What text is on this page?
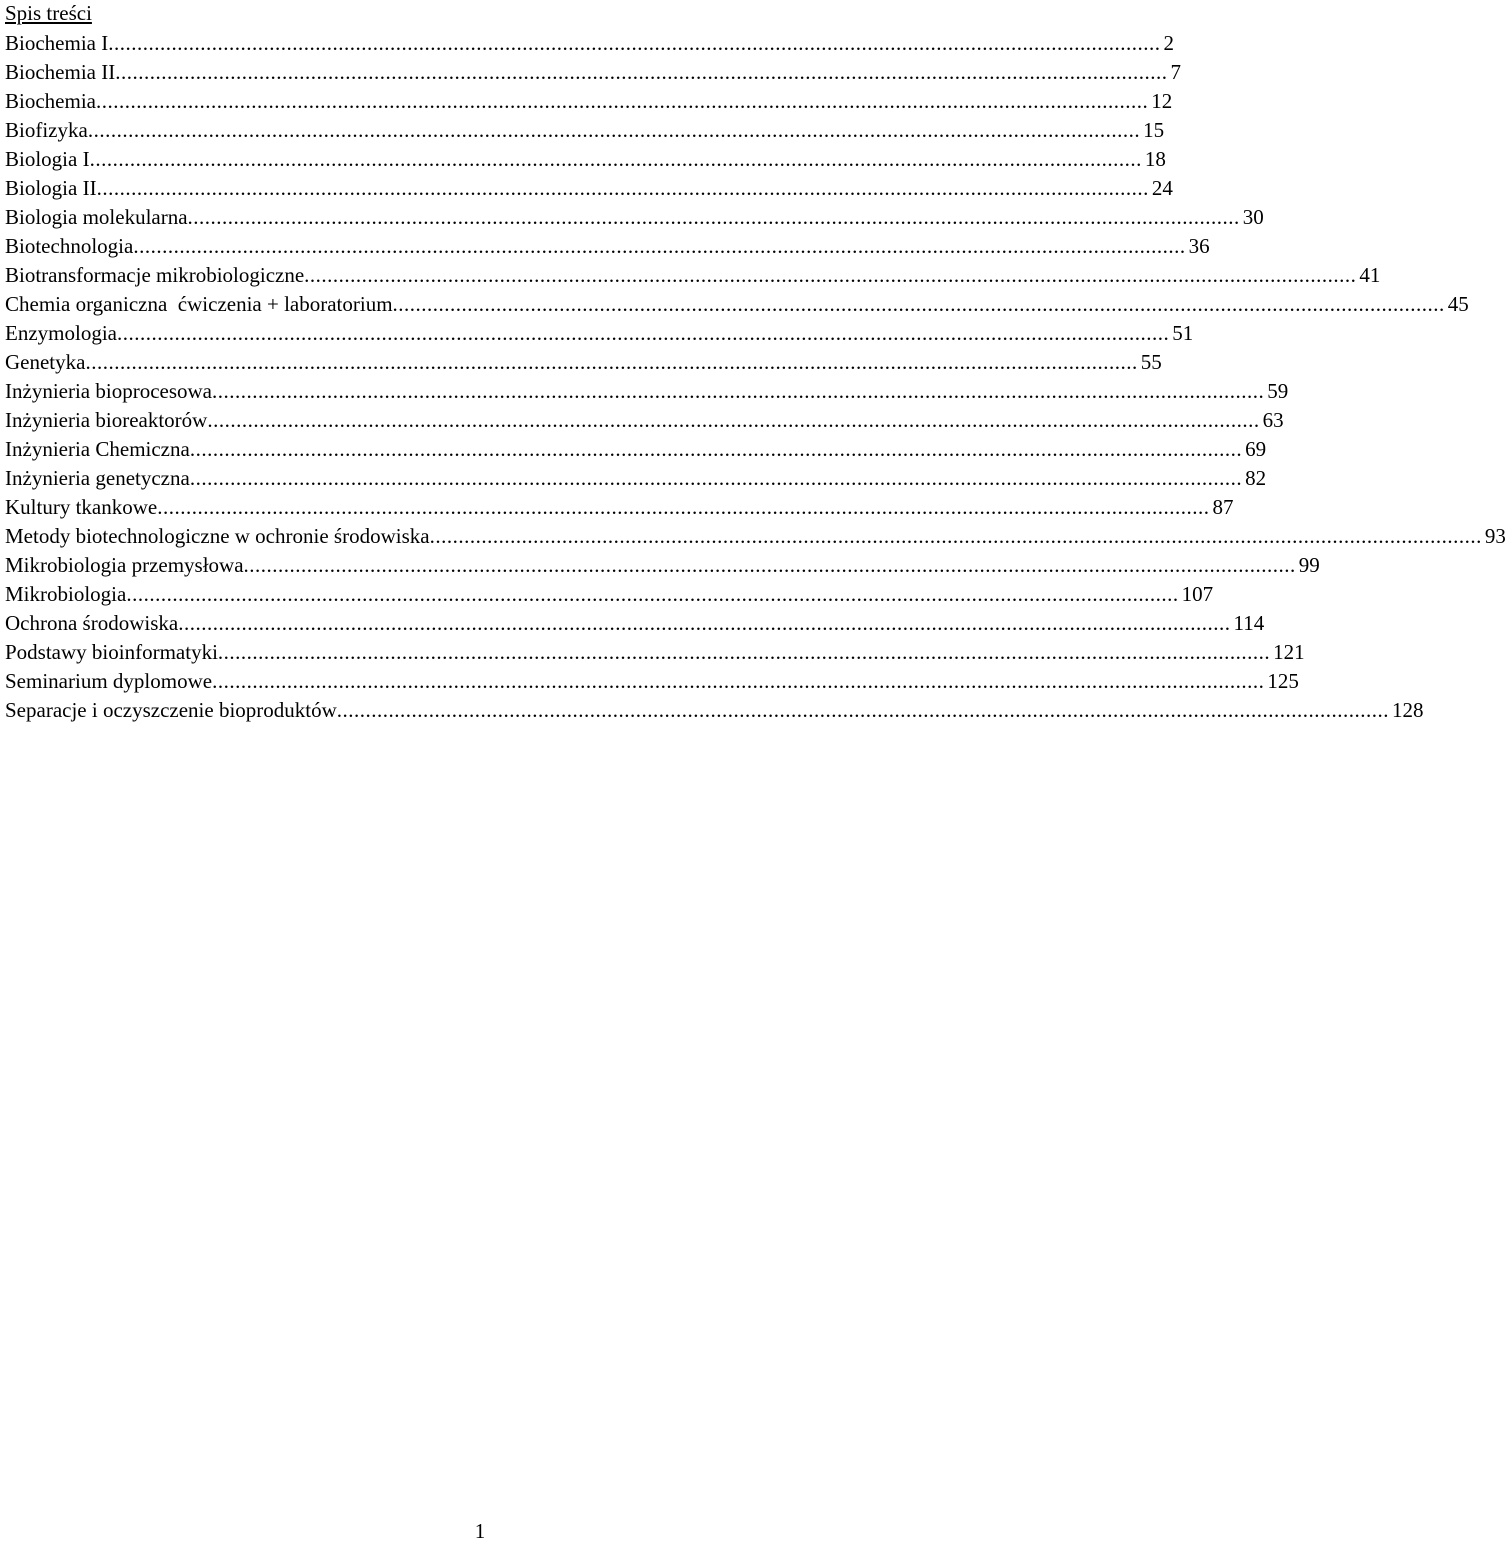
Spis treści
Biochemia I ....................................................................................................................................................................................... 2
Biochemia II ....................................................................................................................................................................................... 7
Biochemia ....................................................................................................................................................................................... 12
Biofizyka ....................................................................................................................................................................................... 15
Biologia I ....................................................................................................................................................................................... 18
Biologia II ....................................................................................................................................................................................... 24
Biologia molekularna ....................................................................................................................................................................................... 30
Biotechnologia ....................................................................................................................................................................................... 36
Biotransformacje mikrobiologiczne ....................................................................................................................................................................................... 41
Chemia organiczna  ćwiczenia + laboratorium ....................................................................................................................................................................................... 45
Enzymologia ....................................................................................................................................................................................... 51
Genetyka ....................................................................................................................................................................................... 55
Inżynieria bioprocesowa ....................................................................................................................................................................................... 59
Inżynieria bioreaktorów ....................................................................................................................................................................................... 63
Inżynieria Chemiczna ....................................................................................................................................................................................... 69
Inżynieria genetyczna ....................................................................................................................................................................................... 82
Kultury tkankowe ....................................................................................................................................................................................... 87
Metody biotechnologiczne w ochronie środowiska ....................................................................................................................................................................................... 93
Mikrobiologia przemysłowa ....................................................................................................................................................................................... 99
Mikrobiologia ....................................................................................................................................................................................... 107
Ochrona środowiska ....................................................................................................................................................................................... 114
Podstawy bioinformatyki ....................................................................................................................................................................................... 121
Seminarium dyplomowe ....................................................................................................................................................................................... 125
Separacje i oczyszczenie bioproduktów ....................................................................................................................................................................................... 128
1
